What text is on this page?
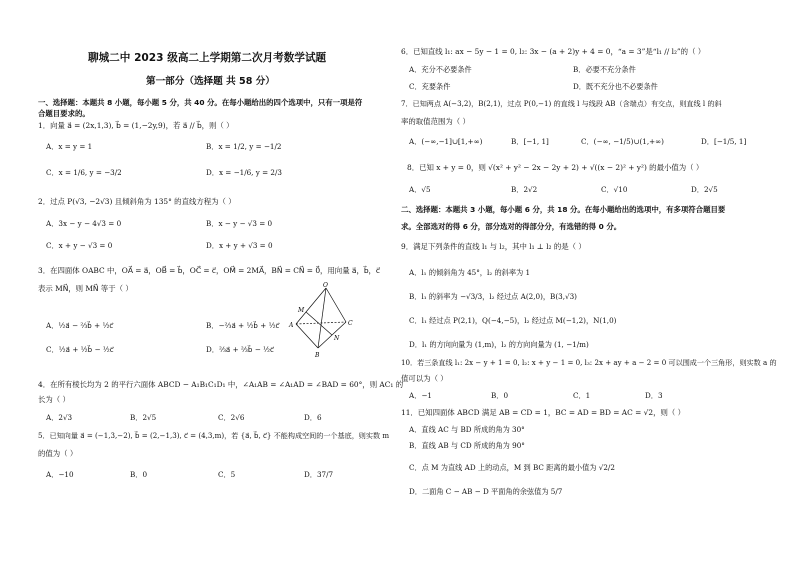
聊城二中 2023 级高二上学期第二次月考数学试题
第一部分（选择题 共 58 分）
一、选择题：本题共 8 小题，每小题 5 分，共 40 分。在每小题给出的四个选项中，只有一项是符
合题目要求的。
1．向量 a⃗ = (2x,1,3), b⃗ = (1,−2y,9)，若 a⃗ // b⃗，则（ ）
A．x = y = 1	B．x = 1/2, y = −1/2
C．x = 1/6, y = −3/2	D．x = −1/6, y = 2/3
2．过点 P(√3, −2√3) 且倾斜角为 135° 的直线方程为（ ）
A．3x − y − 4√3 = 0	B．x − y − √3 = 0
C．x + y − √3 = 0	D．x + y + √3 = 0
3．在四面体 OABC 中，OA⃗ = a⃗，OB⃗ = b⃗，OC⃗ = c⃗，OM⃗ = 2MA⃗，BN⃗ = CN⃗ = 0⃗，用向量 a⃗，b⃗，c⃗
表示 MN⃗，则 MN⃗ 等于（ ）
A．½a⃗ − ⅔b⃗ + ½c⃗	B．−⅔a⃗ + ½b⃗ + ½c⃗
C．½a⃗ + ½b⃗ − ½c⃗	D．⅔a⃗ + ⅔b⃗ − ½c⃗
O
M
A	C
N
B
4．在所有棱长均为 2 的平行六面体 ABCD − A₁B₁C₁D₁ 中，∠A₁AB = ∠A₁AD = ∠BAD = 60°，则 AC₁ 的
长为（ ）
A．2√3	B．2√5	C．2√6	D．6
5．已知向量 a⃗ = (−1,3,−2), b⃗ = (2,−1,3), c⃗ = (4,3,m)，若 {a⃗, b⃗, c⃗} 不能构成空间的一个基底，则实数 m
的值为（ ）
A．−10	B．0	C．5	D．37/7
6．已知直线 l₁: ax − 5y − 1 = 0, l₂: 3x − (a + 2)y + 4 = 0，“a = 3”是“l₁ // l₂”的（ ）
A．充分不必要条件	B．必要不充分条件
C．充要条件	D．既不充分也不必要条件
7．已知两点 A(−3,2)，B(2,1)，过点 P(0,−1) 的直线 l 与线段 AB（含端点）有交点，则直线 l 的斜
率的取值范围为（ ）
A．(−∞,−1]∪[1,+∞)	B．[−1, 1]	C．(−∞, −1/5)∪(1,+∞)	D．[−1/5, 1]
8．已知 x + y = 0，则 √(x² + y² − 2x − 2y + 2) + √((x − 2)² + y²) 的最小值为（ ）
A．√5	B．2√2	C．√10	D．2√5
二、选择题：本题共 3 小题，每小题 6 分，共 18 分。在每小题给出的选项中，有多项符合题目要
求。全部选对的得 6 分，部分选对的得部分分，有选错的得 0 分。
9．满足下列条件的直线 l₁ 与 l₂，其中 l₁ ⊥ l₂ 的是（ ）
A．l₁ 的倾斜角为 45°，l₂ 的斜率为 1
B．l₁ 的斜率为 −√3/3，l₂ 经过点 A(2,0)，B(3,√3)
C．l₁ 经过点 P(2,1)，Q(−4,−5)，l₂ 经过点 M(−1,2)，N(1,0)
D．l₁ 的方向向量为 (1,m)，l₂ 的方向向量为 (1, −1/m)
10．若三条直线 l₁: 2x − y + 1 = 0, l₂: x + y − 1 = 0, l₃: 2x + ay + a − 2 = 0 可以围成一个三角形，则实数 a 的
值可以为（ ）
A．−1	B．0	C．1	D．3
11．已知四面体 ABCD 满足 AB = CD = 1，BC = AD = BD = AC = √2，则（ ）
A．直线 AC 与 BD 所成的角为 30°
B．直线 AB 与 CD 所成的角为 90°
C．点 M 为直线 AD 上的动点，M 到 BC 距离的最小值为 √2/2
D．二面角 C − AB − D 平面角的余弦值为 5/7
